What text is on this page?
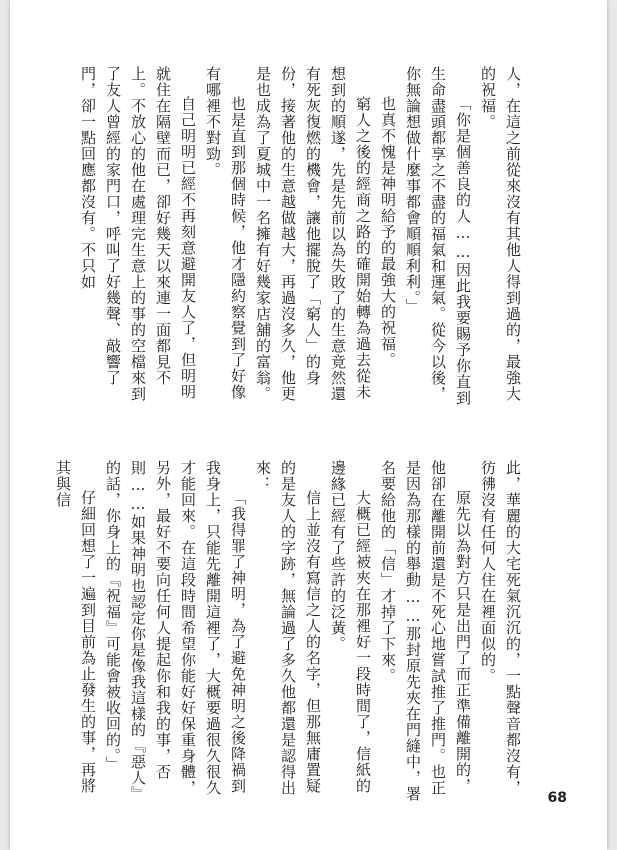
人，在這之前從來沒有其他人得到過的，最強大的祝福。

「你是個善良的人……因此我要賜予你直到生命盡頭都享之不盡的福氣和運氣。從今以後，你無論想做什麼事都會順順利利。」

也真不愧是神明給予的最強大的祝福。

窮人之後的經商之路的確開始轉為過去從未想到的順遂，先是先前以為失敗了的生意竟然還有死灰復燃的機會，讓他擺脫了「窮人」的身份，接著他的生意越做越大，再過沒多久，他更是也成為了夏城中一名擁有好幾家店舖的富翁。

也是直到那個時候，他才隱約察覺到了好像有哪裡不對勁。

自己明明已經不再刻意避開友人了，但明明就住在隔壁而已，卻好幾天以來連一面都見不上。不放心的他在處理完生意上的事的空檔來到了友人曾經的家門口，呼叫了好幾聲、敲響了門，卻一點回應都沒有。不只如

此，華麗的大宅死氣沉沉的，一點聲音都沒有，彷彿沒有任何人住在裡面似的。

原先以為對方只是出門了而正準備離開的，他卻在離開前還是不死心地嘗試推了推門。也正是因為那樣的舉動……那封原先夾在門縫中，署名要給他的「信」才掉了下來。

大概已經被夾在那裡好一段時間了，信紙的邊緣已經有了些許的泛黃。

信上並沒有寫信之人的名字，但那無庸置疑的是友人的字跡，無論過了多久他都還是認得出來：

「我得罪了神明，為了避免神明之後降禍到我身上，只能先離開這裡了，大概要過很久很久才能回來。在這段時間希望你能好好保重身體，另外，最好不要向任何人提起你和我的事，否則……如果神明也認定你是像我這樣的『惡人』的話，你身上的『祝福』可能會被收回的。」

仔細回想了一遍到目前為止發生的事，再將其與信

68
